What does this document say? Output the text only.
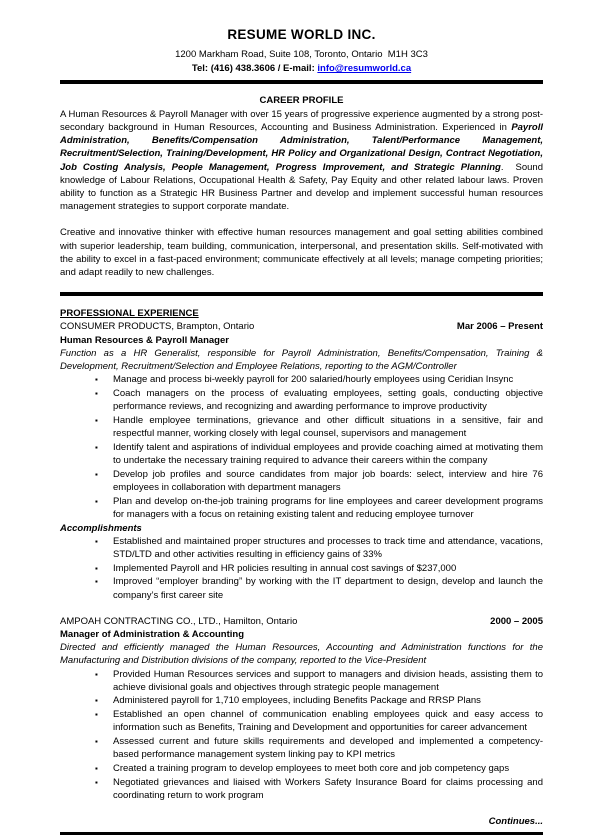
RESUME WORLD INC.
1200 Markham Road, Suite 108, Toronto, Ontario  M1H 3C3
Tel: (416) 438.3606 / E-mail: info@resumworld.ca
CAREER PROFILE

A Human Resources & Payroll Manager with over 15 years of progressive experience augmented by a strong post-secondary background in Human Resources, Accounting and Business Administration. Experienced in Payroll Administration, Benefits/Compensation Administration, Talent/Performance Management, Recruitment/Selection, Training/Development, HR Policy and Organizational Design, Contract Negotiation, Job Costing Analysis, People Management, Progress Improvement, and Strategic Planning.  Sound knowledge of Labour Relations, Occupational Health & Safety, Pay Equity and other related labour laws. Proven ability to function as a Strategic HR Business Partner and develop and implement successful human resources management strategies to support corporate mandate.

Creative and innovative thinker with effective human resources management and goal setting abilities combined with superior leadership, team building, communication, interpersonal, and presentation skills. Self-motivated with the ability to excel in a fast-paced environment; communicate effectively at all levels; manage competing priorities; and adapt readily to new challenges.

PROFESSIONAL EXPERIENCE
CONSUMER PRODUCTS, Brampton, Ontario	Mar 2006 – Present
Human Resources & Payroll Manager
Function as a HR Generalist, responsible for Payroll Administration, Benefits/Compensation, Training & Development, Recruitment/Selection and Employee Relations, reporting to the AGM/Controller
▪ Manage and process bi-weekly payroll for 200 salaried/hourly employees using Ceridian Insync
▪ Coach managers on the process of evaluating employees, setting goals, conducting objective performance reviews, and recognizing and awarding performance to improve productivity
▪ Handle employee terminations, grievance and other difficult situations in a sensitive, fair and respectful manner, working closely with legal counsel, supervisors and management
▪ Identify talent and aspirations of individual employees and provide coaching aimed at motivating them to undertake the necessary training required to advance their careers within the company
▪ Develop job profiles and source candidates from major job boards: select, interview and hire 76 employees in collaboration with department managers
▪ Plan and develop on-the-job training programs for line employees and career development programs for managers with a focus on retaining existing talent and reducing employee turnover
Accomplishments
▪ Established and maintained proper structures and processes to track time and attendance, vacations, STD/LTD and other activities resulting in efficiency gains of 33%
▪ Implemented Payroll and HR policies resulting in annual cost savings of $237,000
▪ Improved “employer branding” by working with the IT department to design, develop and launch the company’s first career site
AMPOAH CONTRACTING CO., LTD., Hamilton, Ontario	2000 – 2005
Manager of Administration & Accounting
Directed and efficiently managed the Human Resources, Accounting and Administration functions for the Manufacturing and Distribution divisions of the company, reported to the Vice-President
▪ Provided Human Resources services and support to managers and division heads, assisting them to achieve divisional goals and objectives through strategic people management
▪ Administered payroll for 1,710 employees, including Benefits Package and RRSP Plans
▪ Established an open channel of communication enabling employees quick and easy access to information such as Benefits, Training and Development and opportunities for career advancement
▪ Assessed current and future skills requirements and developed and implemented a competency-based performance management system linking pay to KPI metrics
▪ Created a training program to develop employees to meet both core and job competency gaps
▪ Negotiated grievances and liaised with Workers Safety Insurance Board for claims processing and coordinating return to work program
Continues...
